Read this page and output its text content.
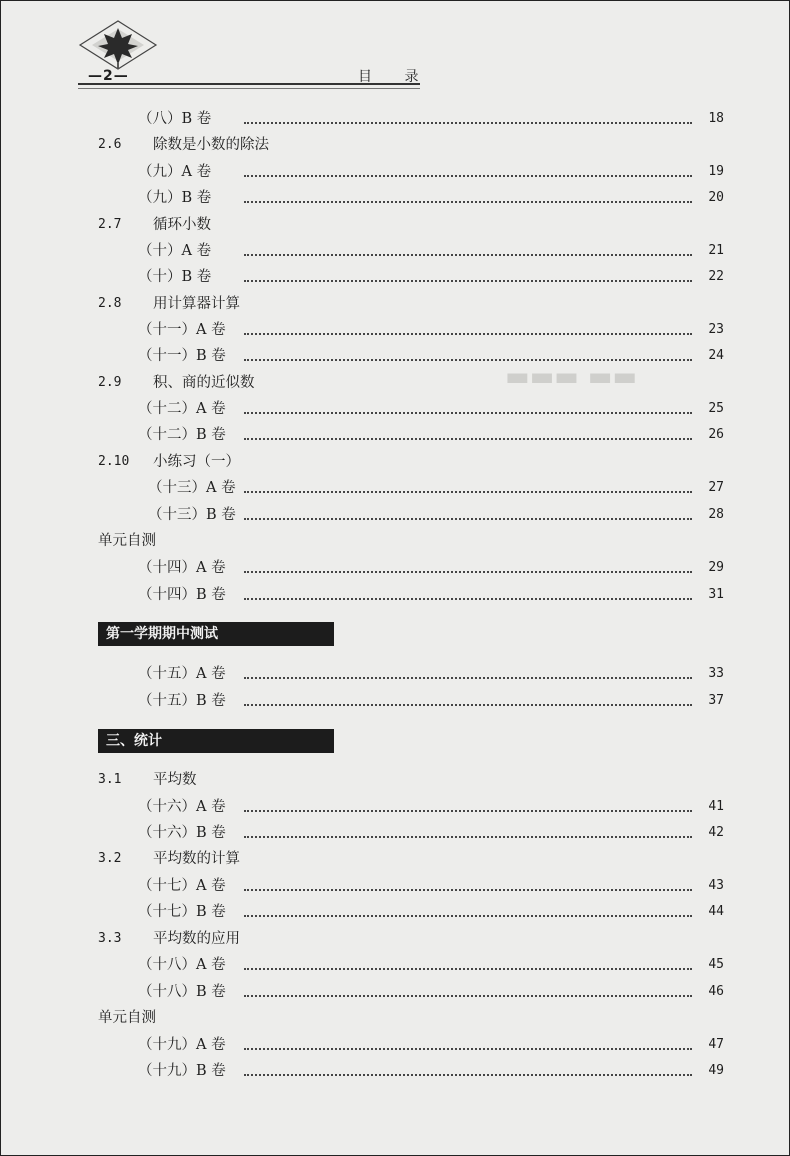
—2—	目 录
▬▬▬ ▬▬
（八）B 卷	18
2.6 除数是小数的除法
（九）A 卷	19
（九）B 卷	20
2.7 循环小数
（十）A 卷	21
（十）B 卷	22
2.8 用计算器计算
（十一）A 卷	23
（十一）B 卷	24
2.9 积、商的近似数
（十二）A 卷	25
（十二）B 卷	26
2.10 小练习（一）
（十三）A 卷	27
（十三）B 卷	28
单元自测
（十四）A 卷	29
（十四）B 卷	31
第一学期期中测试
（十五）A 卷	33
（十五）B 卷	37
三、统计
3.1 平均数
（十六）A 卷	41
（十六）B 卷	42
3.2 平均数的计算
（十七）A 卷	43
（十七）B 卷	44
3.3 平均数的应用
（十八）A 卷	45
（十八）B 卷	46
单元自测
（十九）A 卷	47
（十九）B 卷	49
